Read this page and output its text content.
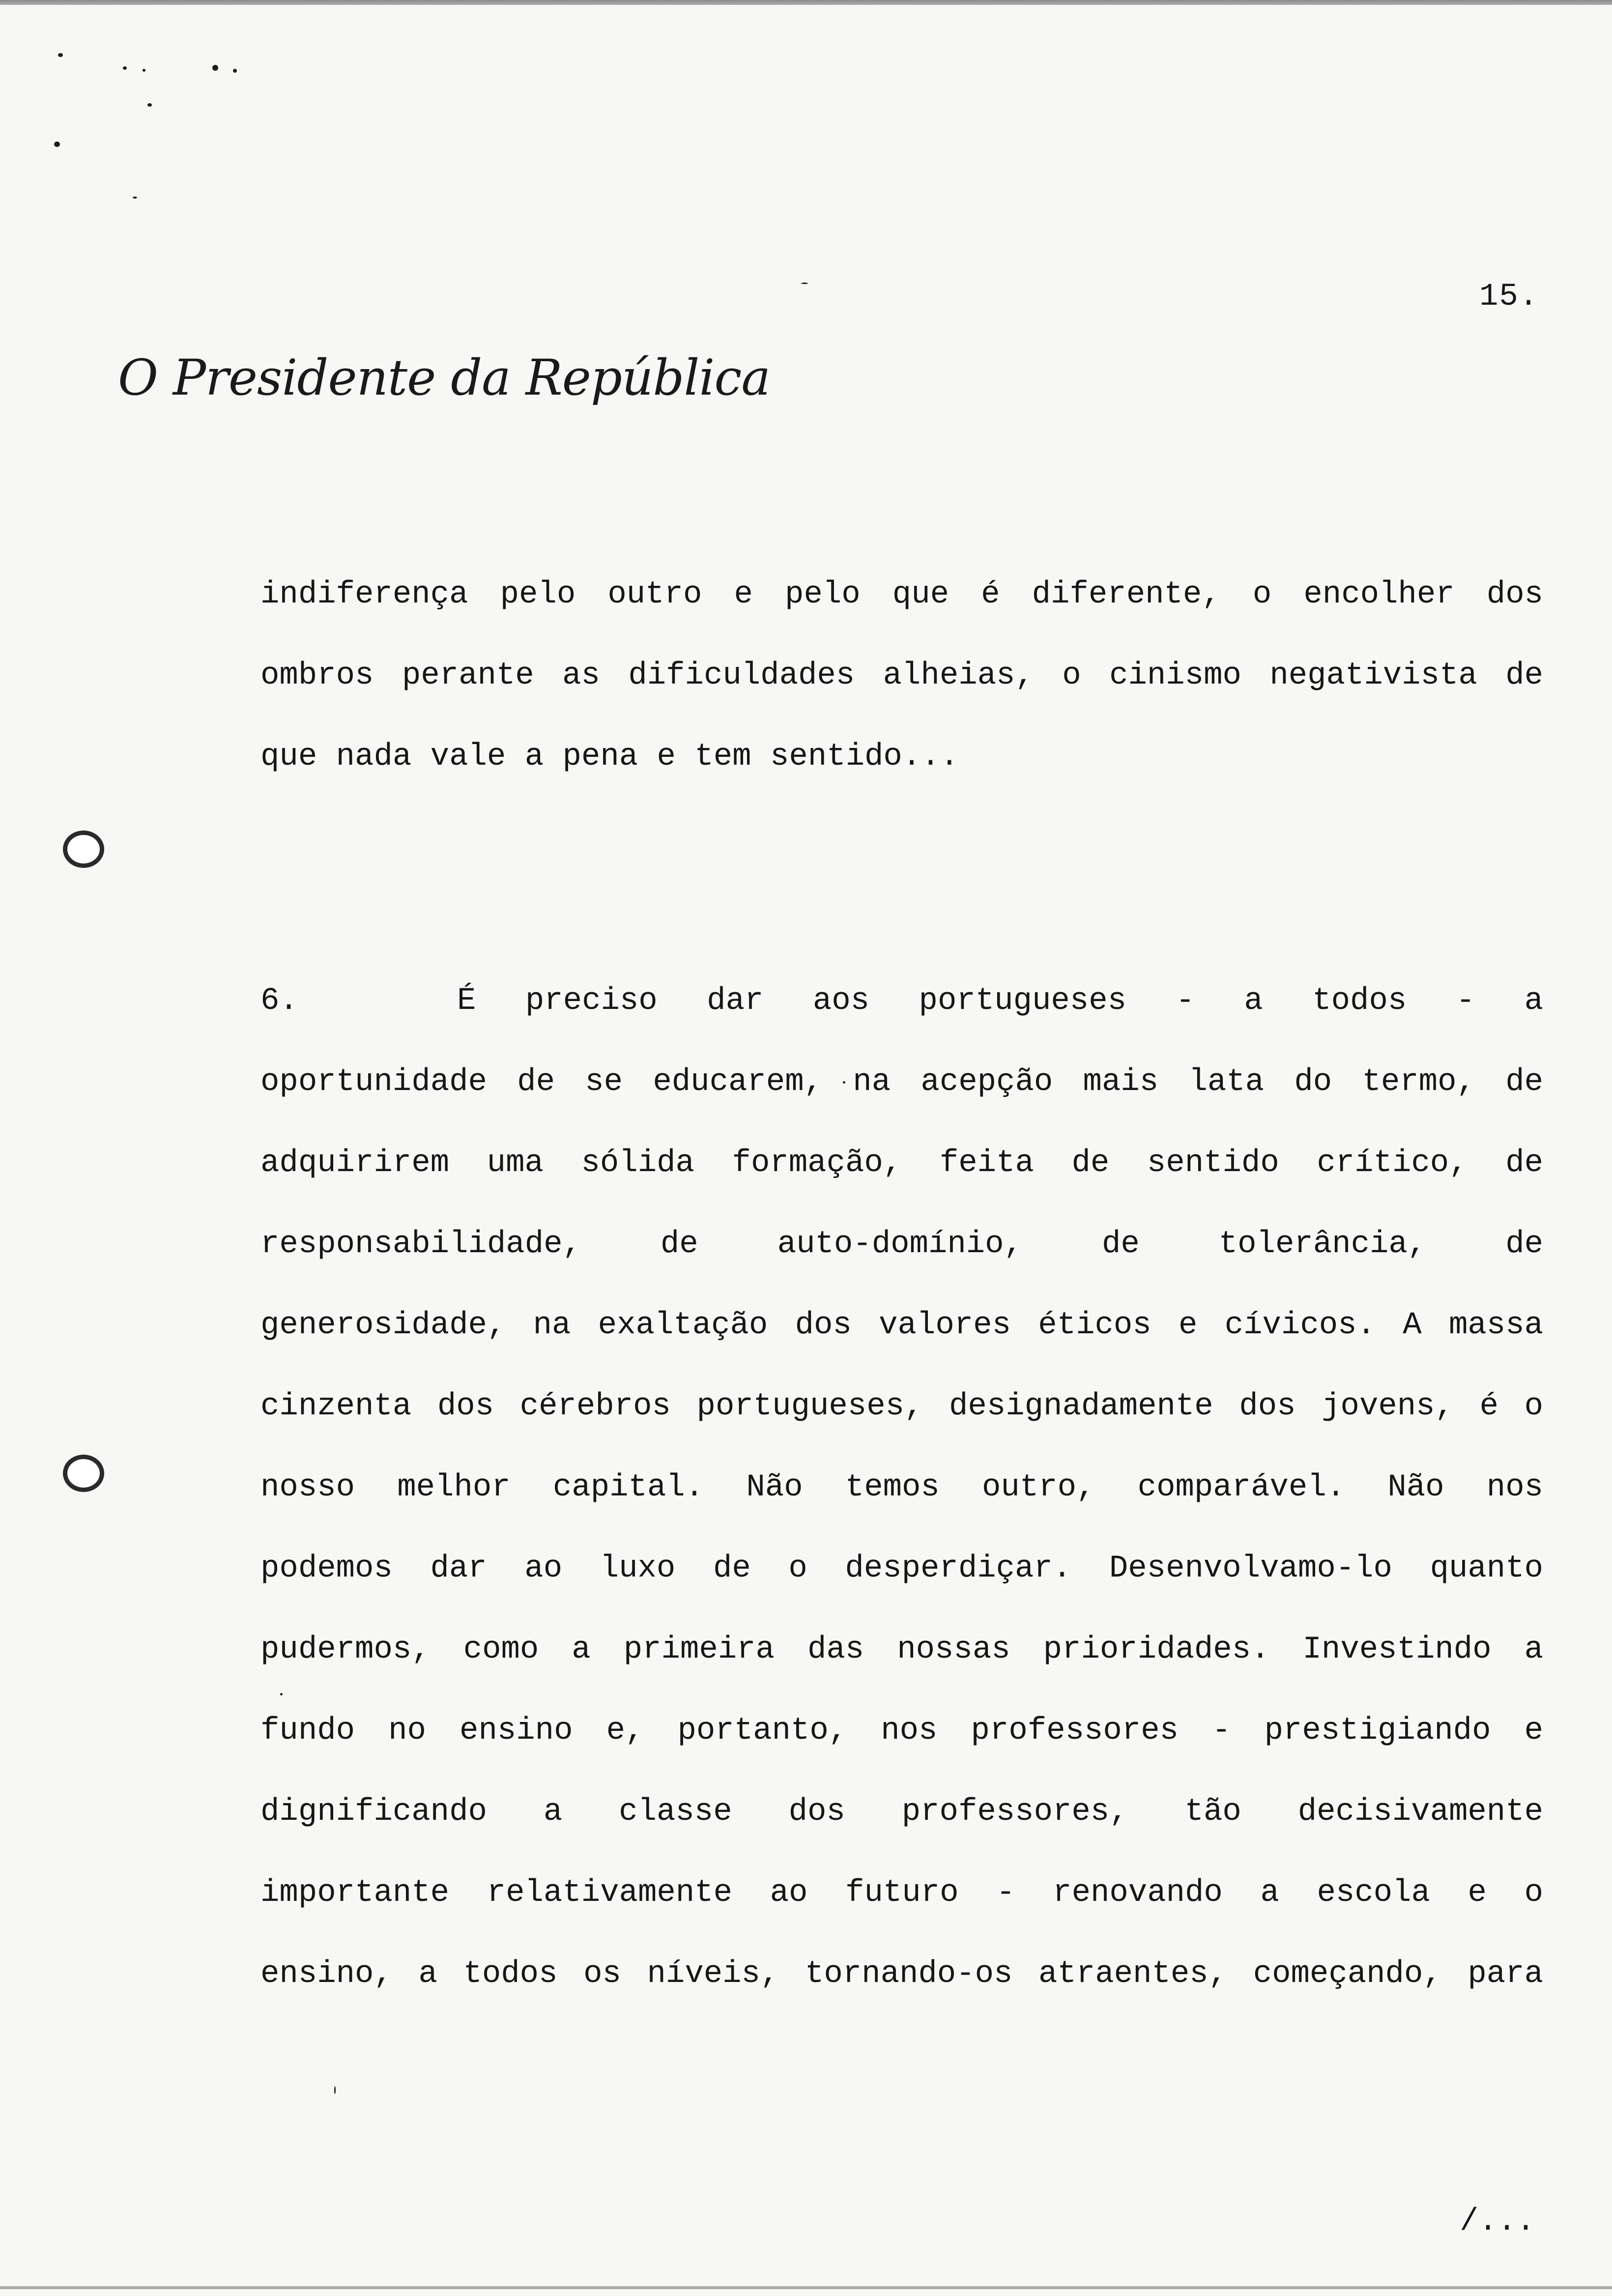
15.
O Presidente da República
indiferença pelo outro e pelo que é diferente, o encolher dos
ombros perante as dificuldades alheias, o cinismo negativista de
que nada vale a pena e tem sentido...
6.	É preciso dar aos portugueses - a todos - a
oportunidade de se educarem, na acepção mais lata do termo, de
adquirirem uma sólida formação, feita de sentido crítico, de
responsabilidade, de auto-domínio, de tolerância, de
generosidade, na exaltação dos valores éticos e cívicos. A massa
cinzenta dos cérebros portugueses, designadamente dos jovens, é o
nosso melhor capital. Não temos outro, comparável. Não nos
podemos dar ao luxo de o desperdiçar. Desenvolvamo-lo quanto
pudermos, como a primeira das nossas prioridades. Investindo a
fundo no ensino e, portanto, nos professores - prestigiando e
dignificando a classe dos professores, tão decisivamente
importante relativamente ao futuro - renovando a escola e o
ensino, a todos os níveis, tornando-os atraentes, começando, para
/...
